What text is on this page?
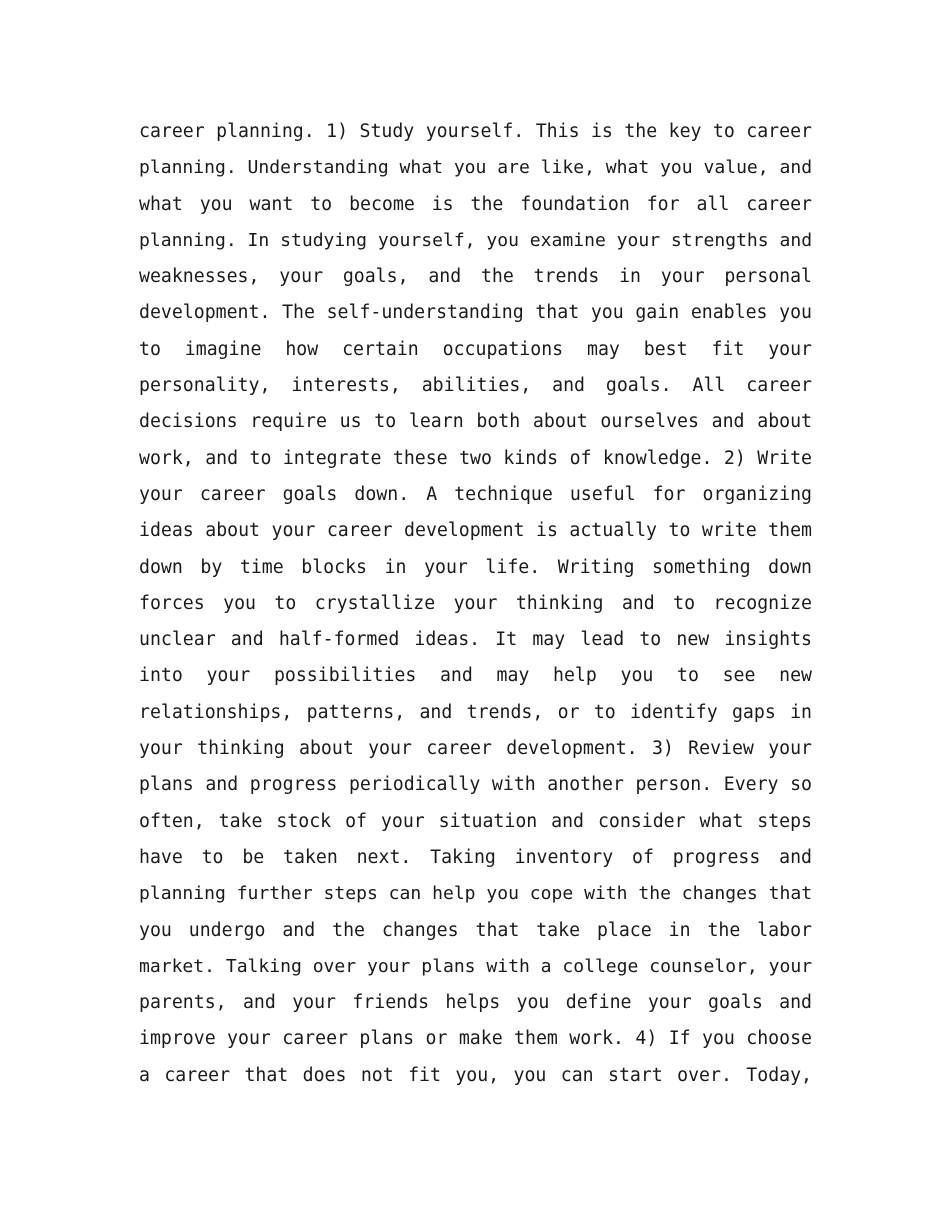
career planning. 1) Study yourself. This is the key to career
planning. Understanding what you are like, what you value, and
what you want to become is the foundation for all career
planning. In studying yourself, you examine your strengths and
weaknesses, your goals, and the trends in your personal
development. The self-understanding that you gain enables you
to imagine how certain occupations may best fit your
personality, interests, abilities, and goals. All career
decisions require us to learn both about ourselves and about
work, and to integrate these two kinds of knowledge. 2) Write
your career goals down. A technique useful for organizing
ideas about your career development is actually to write them
down by time blocks in your life. Writing something down
forces you to crystallize your thinking and to recognize
unclear and half-formed ideas. It may lead to new insights
into your possibilities and may help you to see new
relationships, patterns, and trends, or to identify gaps in
your thinking about your career development. 3) Review your
plans and progress periodically with another person. Every so
often, take stock of your situation and consider what steps
have to be taken next. Taking inventory of progress and
planning further steps can help you cope with the changes that
you undergo and the changes that take place in the labor
market. Talking over your plans with a college counselor, your
parents, and your friends helps you define your goals and
improve your career plans or make them work. 4) If you choose
a career that does not fit you, you can start over. Today,
